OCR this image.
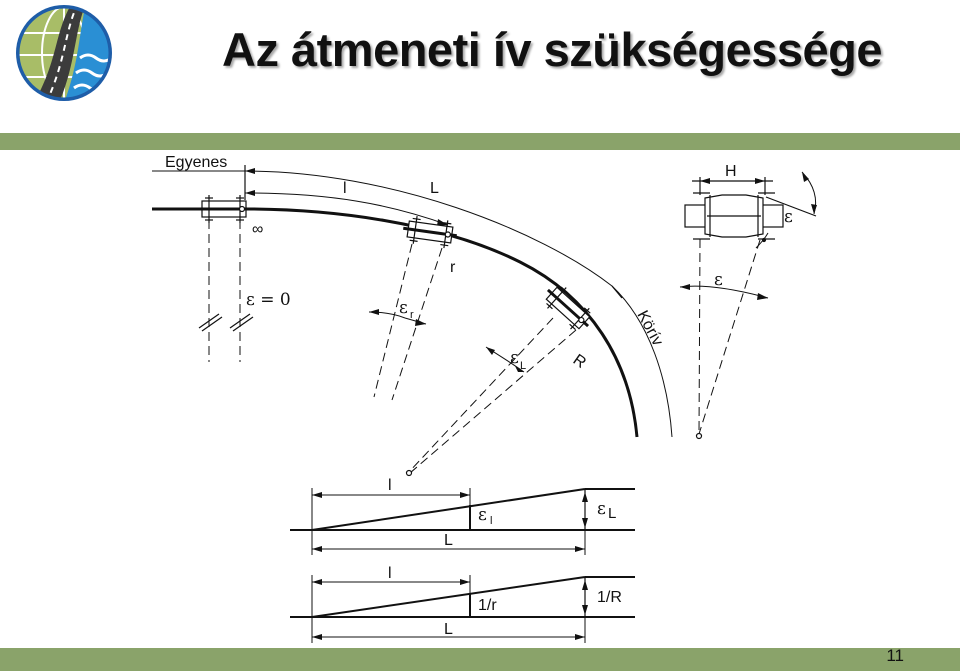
Az átmeneti ív szükségessége
11
Egyenes
l	L
∞
r
R
Körív
ε = 0	ε r
ε L
H
ε
ε
l
L
ε l
ε L
l
L
1/r	1/R
